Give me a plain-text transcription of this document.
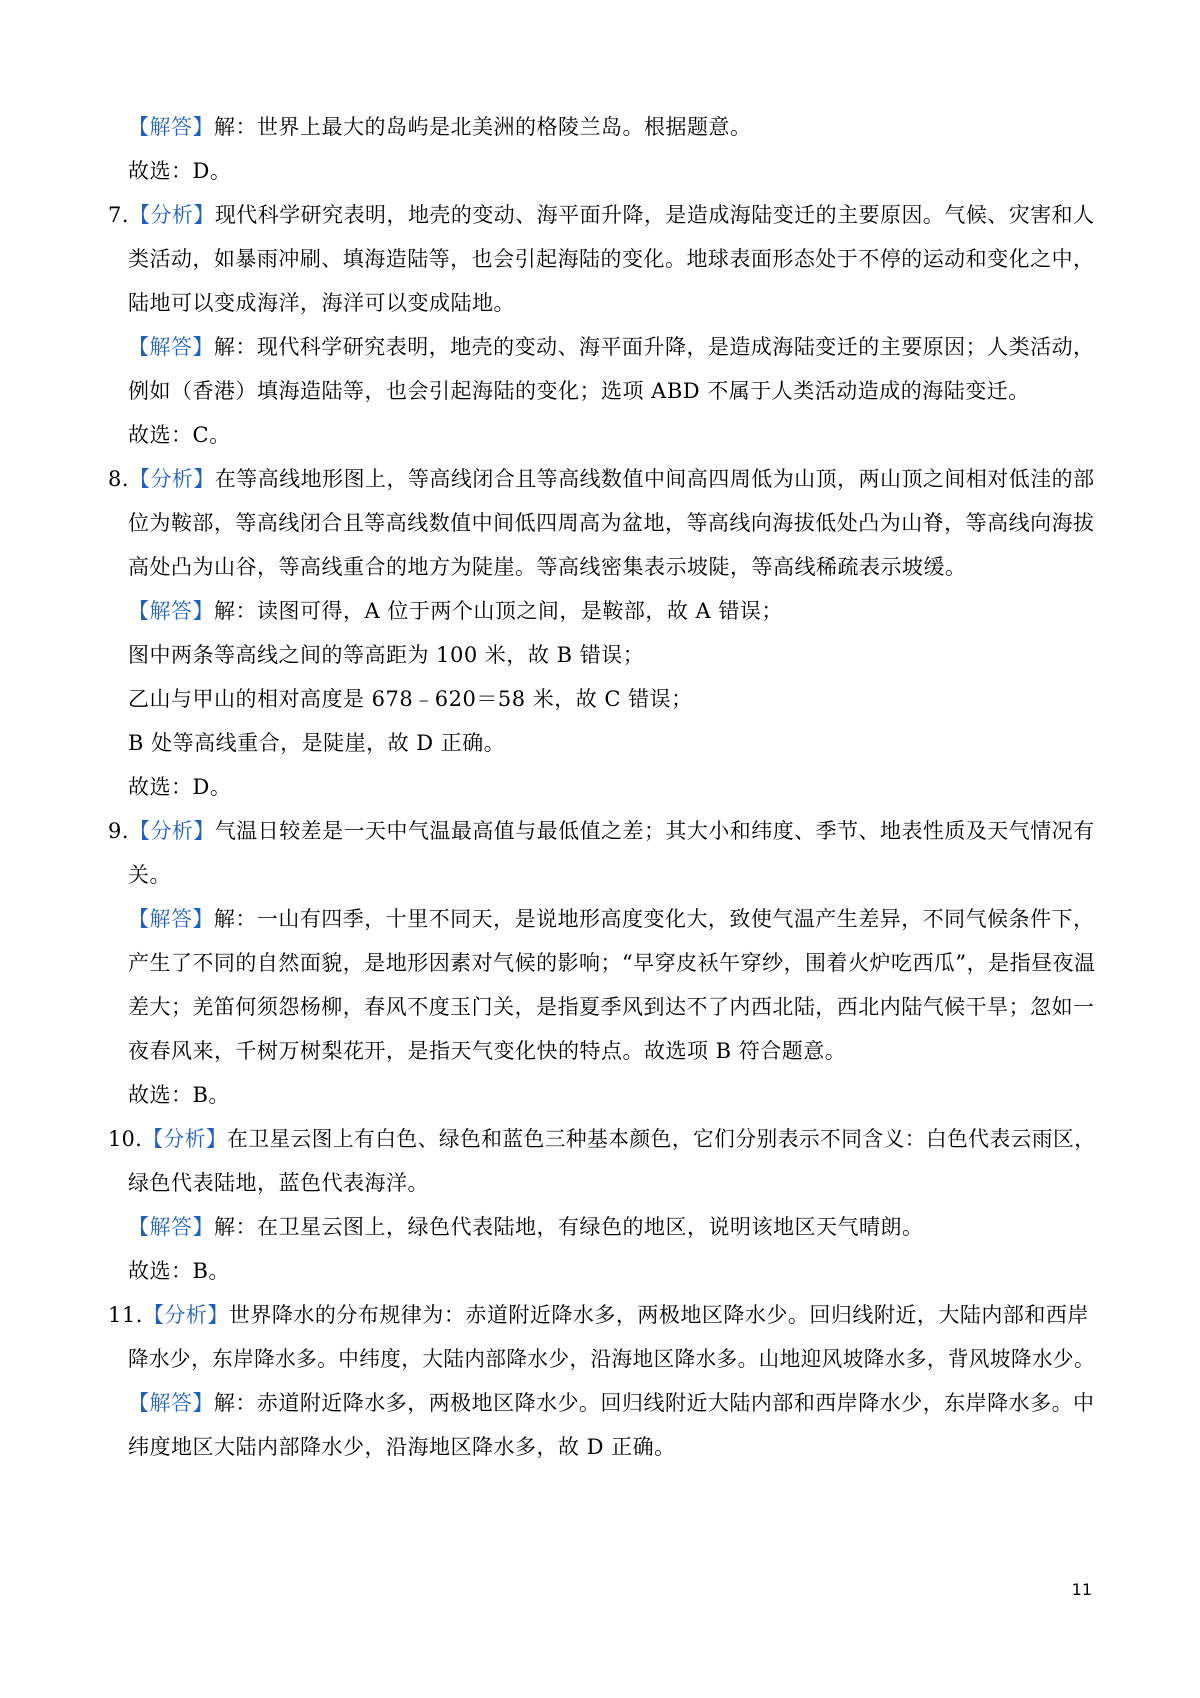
【解答】解：世界上最大的岛屿是北美洲的格陵兰岛。根据题意。
故选：D。
7.【分析】现代科学研究表明，地壳的变动、海平面升降，是造成海陆变迁的主要原因。气候、灾害和人
类活动，如暴雨冲刷、填海造陆等，也会引起海陆的变化。地球表面形态处于不停的运动和变化之中，
陆地可以变成海洋，海洋可以变成陆地。
【解答】解：现代科学研究表明，地壳的变动、海平面升降，是造成海陆变迁的主要原因；人类活动，
例如（香港）填海造陆等，也会引起海陆的变化；选项 ABD 不属于人类活动造成的海陆变迁。
故选：C。
8.【分析】在等高线地形图上，等高线闭合且等高线数值中间高四周低为山顶，两山顶之间相对低洼的部
位为鞍部，等高线闭合且等高线数值中间低四周高为盆地，等高线向海拔低处凸为山脊，等高线向海拔
高处凸为山谷，等高线重合的地方为陡崖。等高线密集表示坡陡，等高线稀疏表示坡缓。
【解答】解：读图可得，A 位于两个山顶之间，是鞍部，故 A 错误；
图中两条等高线之间的等高距为 100 米，故 B 错误；
乙山与甲山的相对高度是 678﹣620＝58 米，故 C 错误；
B 处等高线重合，是陡崖，故 D 正确。
故选：D。
9.【分析】气温日较差是一天中气温最高值与最低值之差；其大小和纬度、季节、地表性质及天气情况有
关。
【解答】解：一山有四季，十里不同天，是说地形高度变化大，致使气温产生差异，不同气候条件下，
产生了不同的自然面貌，是地形因素对气候的影响；“早穿皮袄午穿纱，围着火炉吃西瓜”，是指昼夜温
差大；羌笛何须怨杨柳，春风不度玉门关，是指夏季风到达不了内西北陆，西北内陆气候干旱；忽如一
夜春风来，千树万树梨花开，是指天气变化快的特点。故选项 B 符合题意。
故选：B。
10.【分析】在卫星云图上有白色、绿色和蓝色三种基本颜色，它们分别表示不同含义：白色代表云雨区，
绿色代表陆地，蓝色代表海洋。
【解答】解：在卫星云图上，绿色代表陆地，有绿色的地区，说明该地区天气晴朗。
故选：B。
11.【分析】世界降水的分布规律为：赤道附近降水多，两极地区降水少。回归线附近，大陆内部和西岸
降水少，东岸降水多。中纬度，大陆内部降水少，沿海地区降水多。山地迎风坡降水多，背风坡降水少。
【解答】解：赤道附近降水多，两极地区降水少。回归线附近大陆内部和西岸降水少，东岸降水多。中
纬度地区大陆内部降水少，沿海地区降水多，故 D 正确。
11
